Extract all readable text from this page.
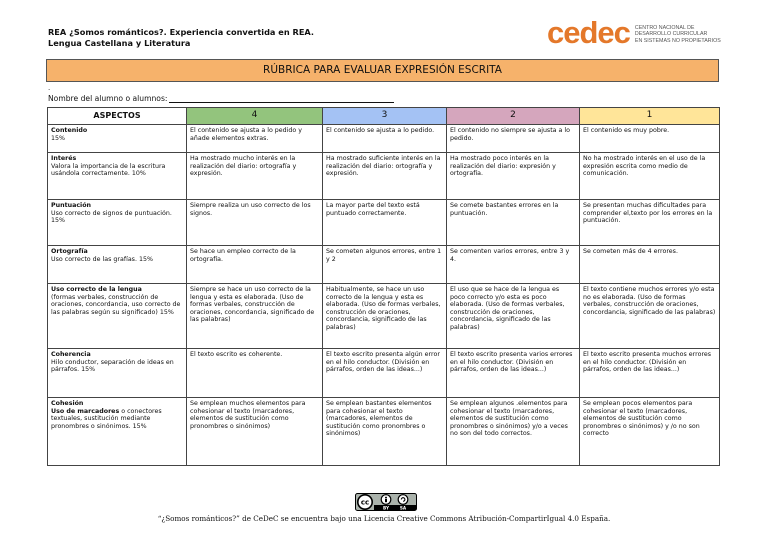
REA ¿Somos románticos?. Experiencia convertida en REA.
Lengua Castellana y Literatura	cedec CENTRO NACIONAL DE
DESARROLLO CURRICULAR
EN SISTEMAS NO PROPIETARIOS
RÚBRICA PARA EVALUAR EXPRESIÓN ESCRITA
.
Nombre del alumno o alumnos:
ASPECTOS	4	3	2	1
Contenido
15%	El contenido se ajusta a lo pedido y añade elementos extras.	El contenido se ajusta a lo pedido.	El contenido no siempre se ajusta a lo pedido.	El contenido es muy pobre.
Interés
Valora la importancia de la escritura usándola correctamente. 10%	Ha mostrado mucho interés en la realización del diario: ortografía y expresión.	Ha mostrado suficiente interés en la realización del diario: ortografía y expresión.	Ha mostrado poco interés en la realización del diario: expresión y ortografía.	No ha mostrado interés en el uso de la expresión escrita como medio de comunicación.
Puntuación
Uso correcto de signos de puntuación. 15%	Siempre realiza un uso correcto de los signos.	La mayor parte del texto está puntuado correctamente.	Se comete bastantes errores en la puntuación.	Se presentan muchas dificultades para comprender el,texto por los errores en la puntuación.
Ortografía
Uso correcto de las grafías. 15%	Se hace un empleo correcto de la ortografía.	Se cometen algunos errores, entre 1 y 2	Se comenten varios errores, entre 3 y 4.	Se cometen más de 4 errores.
Uso correcto de la lengua
(formas verbales, construcción de oraciones, concordancia, uso correcto de las palabras según su significado) 15%	Siempre se hace un uso correcto de la lengua y esta es elaborada. (Uso de formas verbales, construcción de oraciones, concordancia, significado de las palabras)	Habitualmente, se hace un uso correcto de la lengua y esta es elaborada. (Uso de formas verbales, construcción de oraciones, concordancia, significado de las palabras)	El uso que se hace de la lengua es poco correcto y/o esta es poco elaborada. (Uso de formas verbales, construcción de oraciones, concordancia, significado de las palabras)	El texto contiene muchos errores y/o esta no es elaborada. (Uso de formas verbales, construcción de oraciones, concordancia, significado de las palabras)
Coherencia
Hilo conductor, separación de ideas en párrafos. 15%	El texto escrito es coherente.	El texto escrito presenta algún error en el hilo conductor. (División en párrafos, orden de las ideas...)	El texto escrito presenta varios errores en el hilo conductor. (División en párrafos, orden de las ideas...)	El texto escrito presenta muchos errores en el hilo conductor. (División en párrafos, orden de las ideas...)
Cohesión
Uso de marcadores o conectores textuales, sustitución mediante pronombres o sinónimos. 15%	Se emplean muchos elementos para cohesionar el texto (marcadores, elementos de sustitución como pronombres o sinónimos)	Se emplean bastantes elementos para cohesionar el texto (marcadores, elementos de sustitución como pronombres o sinónimos)	Se emplean algunos .elementos para cohesionar el texto (marcadores, elementos de sustitución como pronombres o sinónimos) y/o a veces no son del todo correctos.	Se emplean pocos elementos para cohesionar el texto (marcadores, elementos de sustitución como pronombres o sinónimos) y /o no son correcto
cc
BY	SA
“¿Somos románticos?” de CeDeC se encuentra bajo una Licencia Creative Commons Atribución-CompartirIgual 4.0 España.
